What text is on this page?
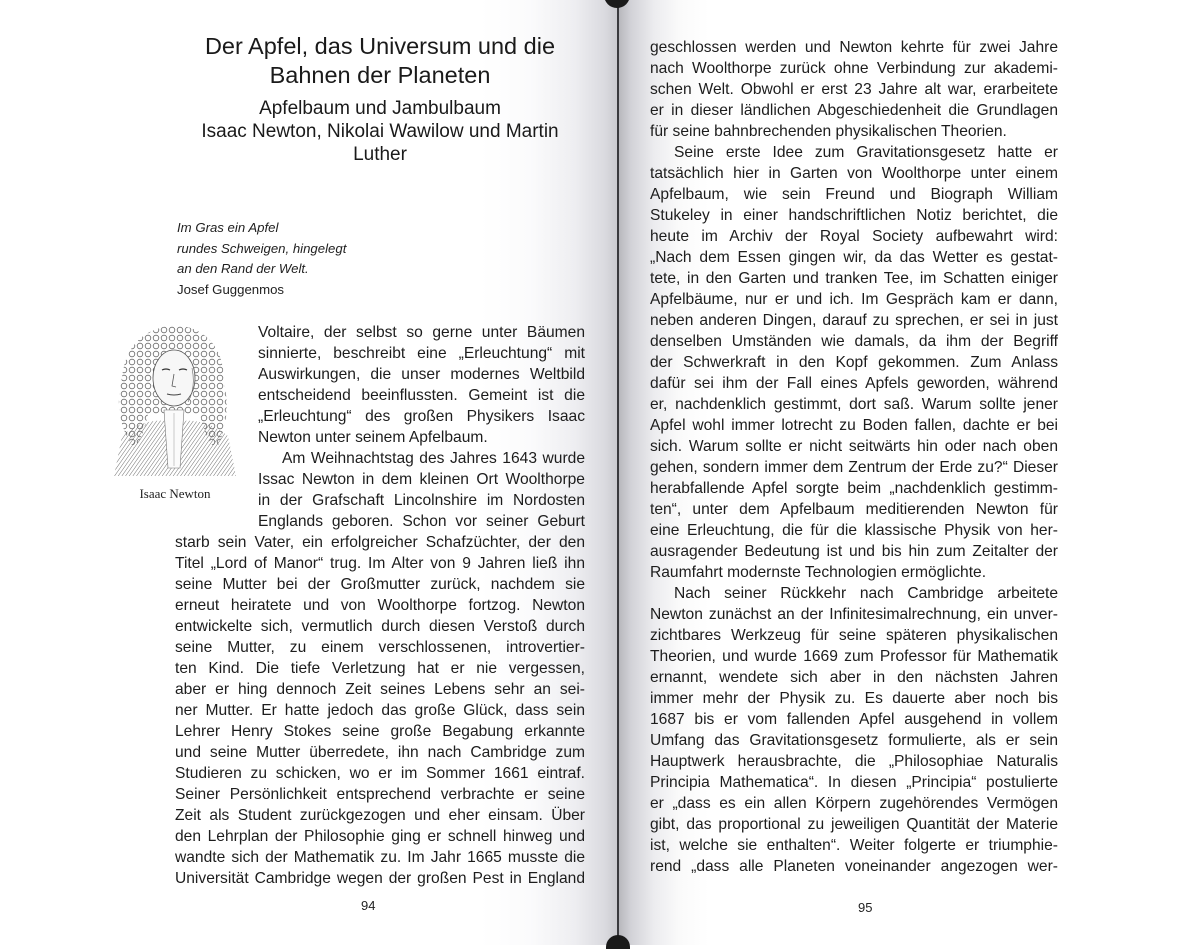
Der Apfel, das Universum und die
Bahnen der Planeten
Apfelbaum und Jambulbaum
Isaac Newton, Nikolai Wawilow und Martin
Luther
Im Gras ein Apfel
rundes Schweigen, hingelegt
an den Rand der Welt.
Josef Guggenmos
Isaac Newton
Voltaire, der selbst so gerne unter Bäumen
sinnierte, beschreibt eine „Erleuchtung“ mit
Auswirkungen, die unser modernes Weltbild
entscheidend beeinflussten. Gemeint ist die
„Erleuchtung“ des großen Physikers Isaac
Newton unter seinem Apfelbaum.
Am Weihnachtstag des Jahres 1643 wurde
Issac Newton in dem kleinen Ort Woolthorpe
in der Grafschaft Lincolnshire im Nordosten
Englands geboren. Schon vor seiner Geburt
starb sein Vater, ein erfolgreicher Schafzüchter, der den
Titel „Lord of Manor“ trug. Im Alter von 9 Jahren ließ ihn
seine Mutter bei der Großmutter zurück, nachdem sie
erneut heiratete und von Woolthorpe fortzog. Newton
entwickelte sich, vermutlich durch diesen Verstoß durch
seine Mutter, zu einem verschlossenen, introvertier-
ten Kind. Die tiefe Verletzung hat er nie vergessen,
aber er hing dennoch Zeit seines Lebens sehr an sei-
ner Mutter. Er hatte jedoch das große Glück, dass sein
Lehrer Henry Stokes seine große Begabung erkannte
und seine Mutter überredete, ihn nach Cambridge zum
Studieren zu schicken, wo er im Sommer 1661 eintraf.
Seiner Persönlichkeit entsprechend verbrachte er seine
Zeit als Student zurückgezogen und eher einsam. Über
den Lehrplan der Philosophie ging er schnell hinweg und
wandte sich der Mathematik zu. Im Jahr 1665 musste die
Universität Cambridge wegen der großen Pest in England
94
geschlossen werden und Newton kehrte für zwei Jahre
nach Woolthorpe zurück ohne Verbindung zur akademi-
schen Welt. Obwohl er erst 23 Jahre alt war, erarbeitete
er in dieser ländlichen Abgeschiedenheit die Grundlagen
für seine bahnbrechenden physikalischen Theorien.
Seine erste Idee zum Gravitationsgesetz hatte er
tatsächlich hier in Garten von Woolthorpe unter einem
Apfelbaum, wie sein Freund und Biograph William
Stukeley in einer handschriftlichen Notiz berichtet, die
heute im Archiv der Royal Society aufbewahrt wird:
„Nach dem Essen gingen wir, da das Wetter es gestat-
tete, in den Garten und tranken Tee, im Schatten einiger
Apfelbäume, nur er und ich. Im Gespräch kam er dann,
neben anderen Dingen, darauf zu sprechen, er sei in just
denselben Umständen wie damals, da ihm der Begriff
der Schwerkraft in den Kopf gekommen. Zum Anlass
dafür sei ihm der Fall eines Apfels geworden, während
er, nachdenklich gestimmt, dort saß. Warum sollte jener
Apfel wohl immer lotrecht zu Boden fallen, dachte er bei
sich. Warum sollte er nicht seitwärts hin oder nach oben
gehen, sondern immer dem Zentrum der Erde zu?“ Dieser
herabfallende Apfel sorgte beim „nachdenklich gestimm-
ten“, unter dem Apfelbaum meditierenden Newton für
eine Erleuchtung, die für die klassische Physik von her-
ausragender Bedeutung ist und bis hin zum Zeitalter der
Raumfahrt modernste Technologien ermöglichte.
Nach seiner Rückkehr nach Cambridge arbeitete
Newton zunächst an der Infinitesimalrechnung, ein unver-
zichtbares Werkzeug für seine späteren physikalischen
Theorien, und wurde 1669 zum Professor für Mathematik
ernannt, wendete sich aber in den nächsten Jahren
immer mehr der Physik zu. Es dauerte aber noch bis
1687 bis er vom fallenden Apfel ausgehend in vollem
Umfang das Gravitationsgesetz formulierte, als er sein
Hauptwerk herausbrachte, die „Philosophiae Naturalis
Principia Mathematica“. In diesen „Principia“ postulierte
er „dass es ein allen Körpern zugehörendes Vermögen
gibt, das proportional zu jeweiligen Quantität der Materie
ist, welche sie enthalten“. Weiter folgerte er triumphie-
rend „dass alle Planeten voneinander angezogen wer-
95
